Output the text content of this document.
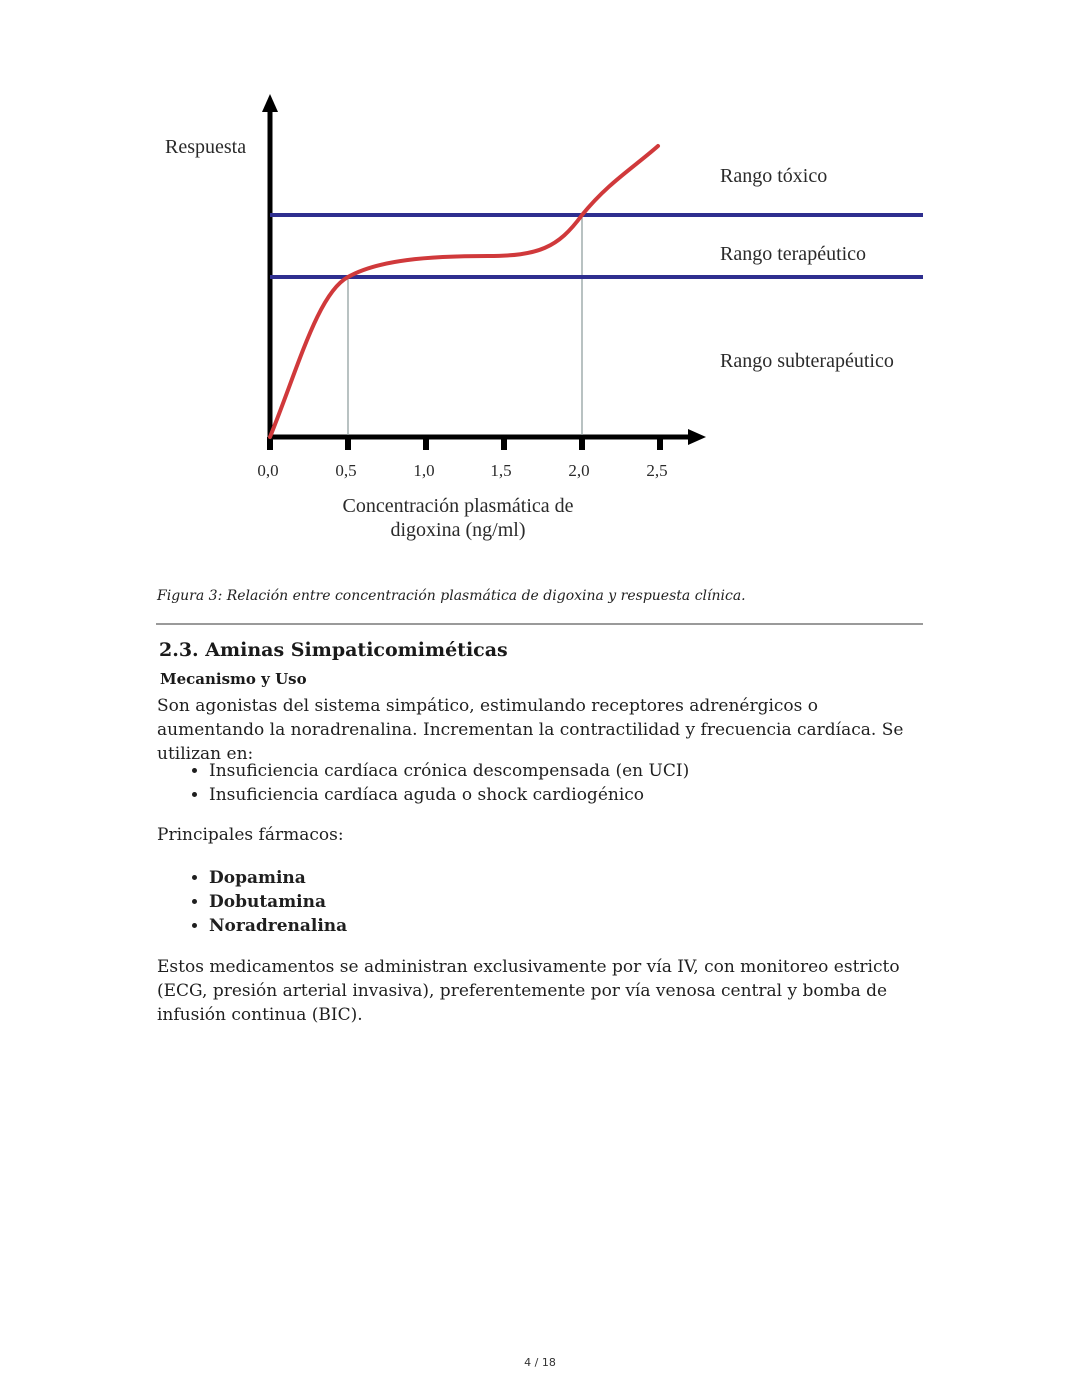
Respuesta
Rango tóxico
Rango terapéutico
Rango subterapéutico
0,0	0,5	1,0	1,5	2,0	2,5
Concentración plasmática de
digoxina (ng/ml)
Figura 3: Relación entre concentración plasmática de digoxina y respuesta clínica.
2.3. Aminas Simpaticomiméticas
Mecanismo y Uso

Son agonistas del sistema simpático, estimulando receptores adrenérgicos o aumentando la noradrenalina. Incrementan la contractilidad y frecuencia cardíaca. Se utilizan en:

• Insuficiencia cardíaca crónica descompensada (en UCI)
• Insuficiencia cardíaca aguda o shock cardiogénico

Principales fármacos:

• Dopamina
• Dobutamina
• Noradrenalina

Estos medicamentos se administran exclusivamente por vía IV, con monitoreo estricto (ECG, presión arterial invasiva), preferentemente por vía venosa central y bomba de infusión continua (BIC).

4 / 18
